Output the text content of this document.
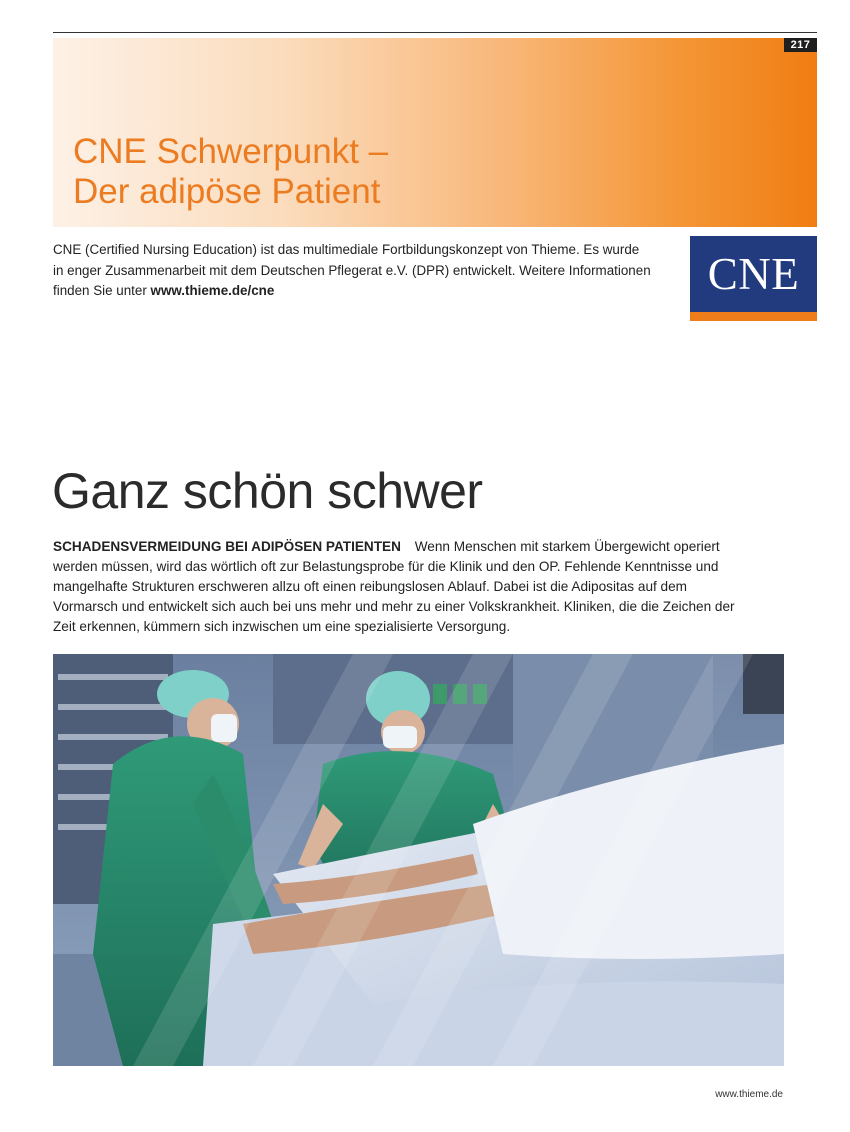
217
CNE Schwerpunkt –
Der adipöse Patient

CNE (Certified Nursing Education) ist das multimediale Fortbildungskonzept von Thieme. Es wurde in enger Zusammenarbeit mit dem Deutschen Pflegerat e.V. (DPR) entwickelt. Weitere Informationen finden Sie unter www.thieme.de/cne	CNE
Ganz schön schwer

SCHADENSVERMEIDUNG BEI ADIPÖSEN PATIENTEN Wenn Menschen mit starkem Übergewicht operiert werden müssen, wird das wörtlich oft zur Belastungsprobe für die Klinik und den OP. Fehlende Kenntnisse und mangelhafte Strukturen erschweren allzu oft einen reibungslosen Ablauf. Dabei ist die Adipositas auf dem Vormarsch und entwickelt sich auch bei uns mehr und mehr zu einer Volkskrankheit. Kliniken, die die Zeichen der Zeit erkennen, kümmern sich inzwischen um eine spezialisierte Versorgung.

www.thieme.de
